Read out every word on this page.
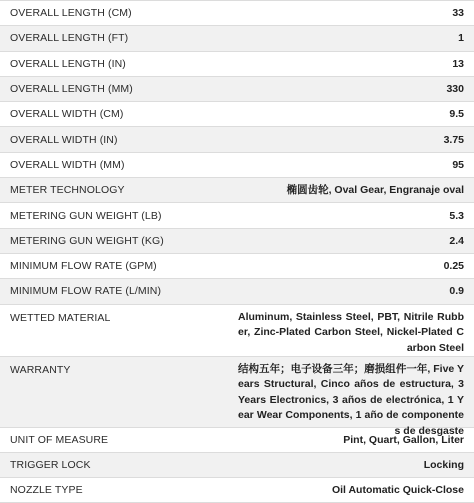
OVERALL LENGTH (CM)	33
OVERALL LENGTH (FT)	1
OVERALL LENGTH (IN)	13
OVERALL LENGTH (MM)	330
OVERALL WIDTH (CM)	9.5
OVERALL WIDTH (IN)	3.75
OVERALL WIDTH (MM)	95
METER TECHNOLOGY	椭圆齿轮, Oval Gear, Engranaje oval
METERING GUN WEIGHT (LB)	5.3
METERING GUN WEIGHT (KG)	2.4
MINIMUM FLOW RATE (GPM)	0.25
MINIMUM FLOW RATE (L/MIN)	0.9
WETTED MATERIAL	Aluminum, Stainless Steel, PBT, Nitrile Rubber, Zinc-Plated Carbon Steel, Nickel-Plated Carbon Steel
WARRANTY	结构五年；电子设备三年；磨损组件一年, Five Years Structural, Cinco años de estructura, 3 Years Electronics, 3 años de electrónica, 1 Year Wear Components, 1 año de componentes de desgaste
UNIT OF MEASURE	Pint, Quart, Gallon, Liter
TRIGGER LOCK	Locking
NOZZLE TYPE	Oil Automatic Quick-Close
